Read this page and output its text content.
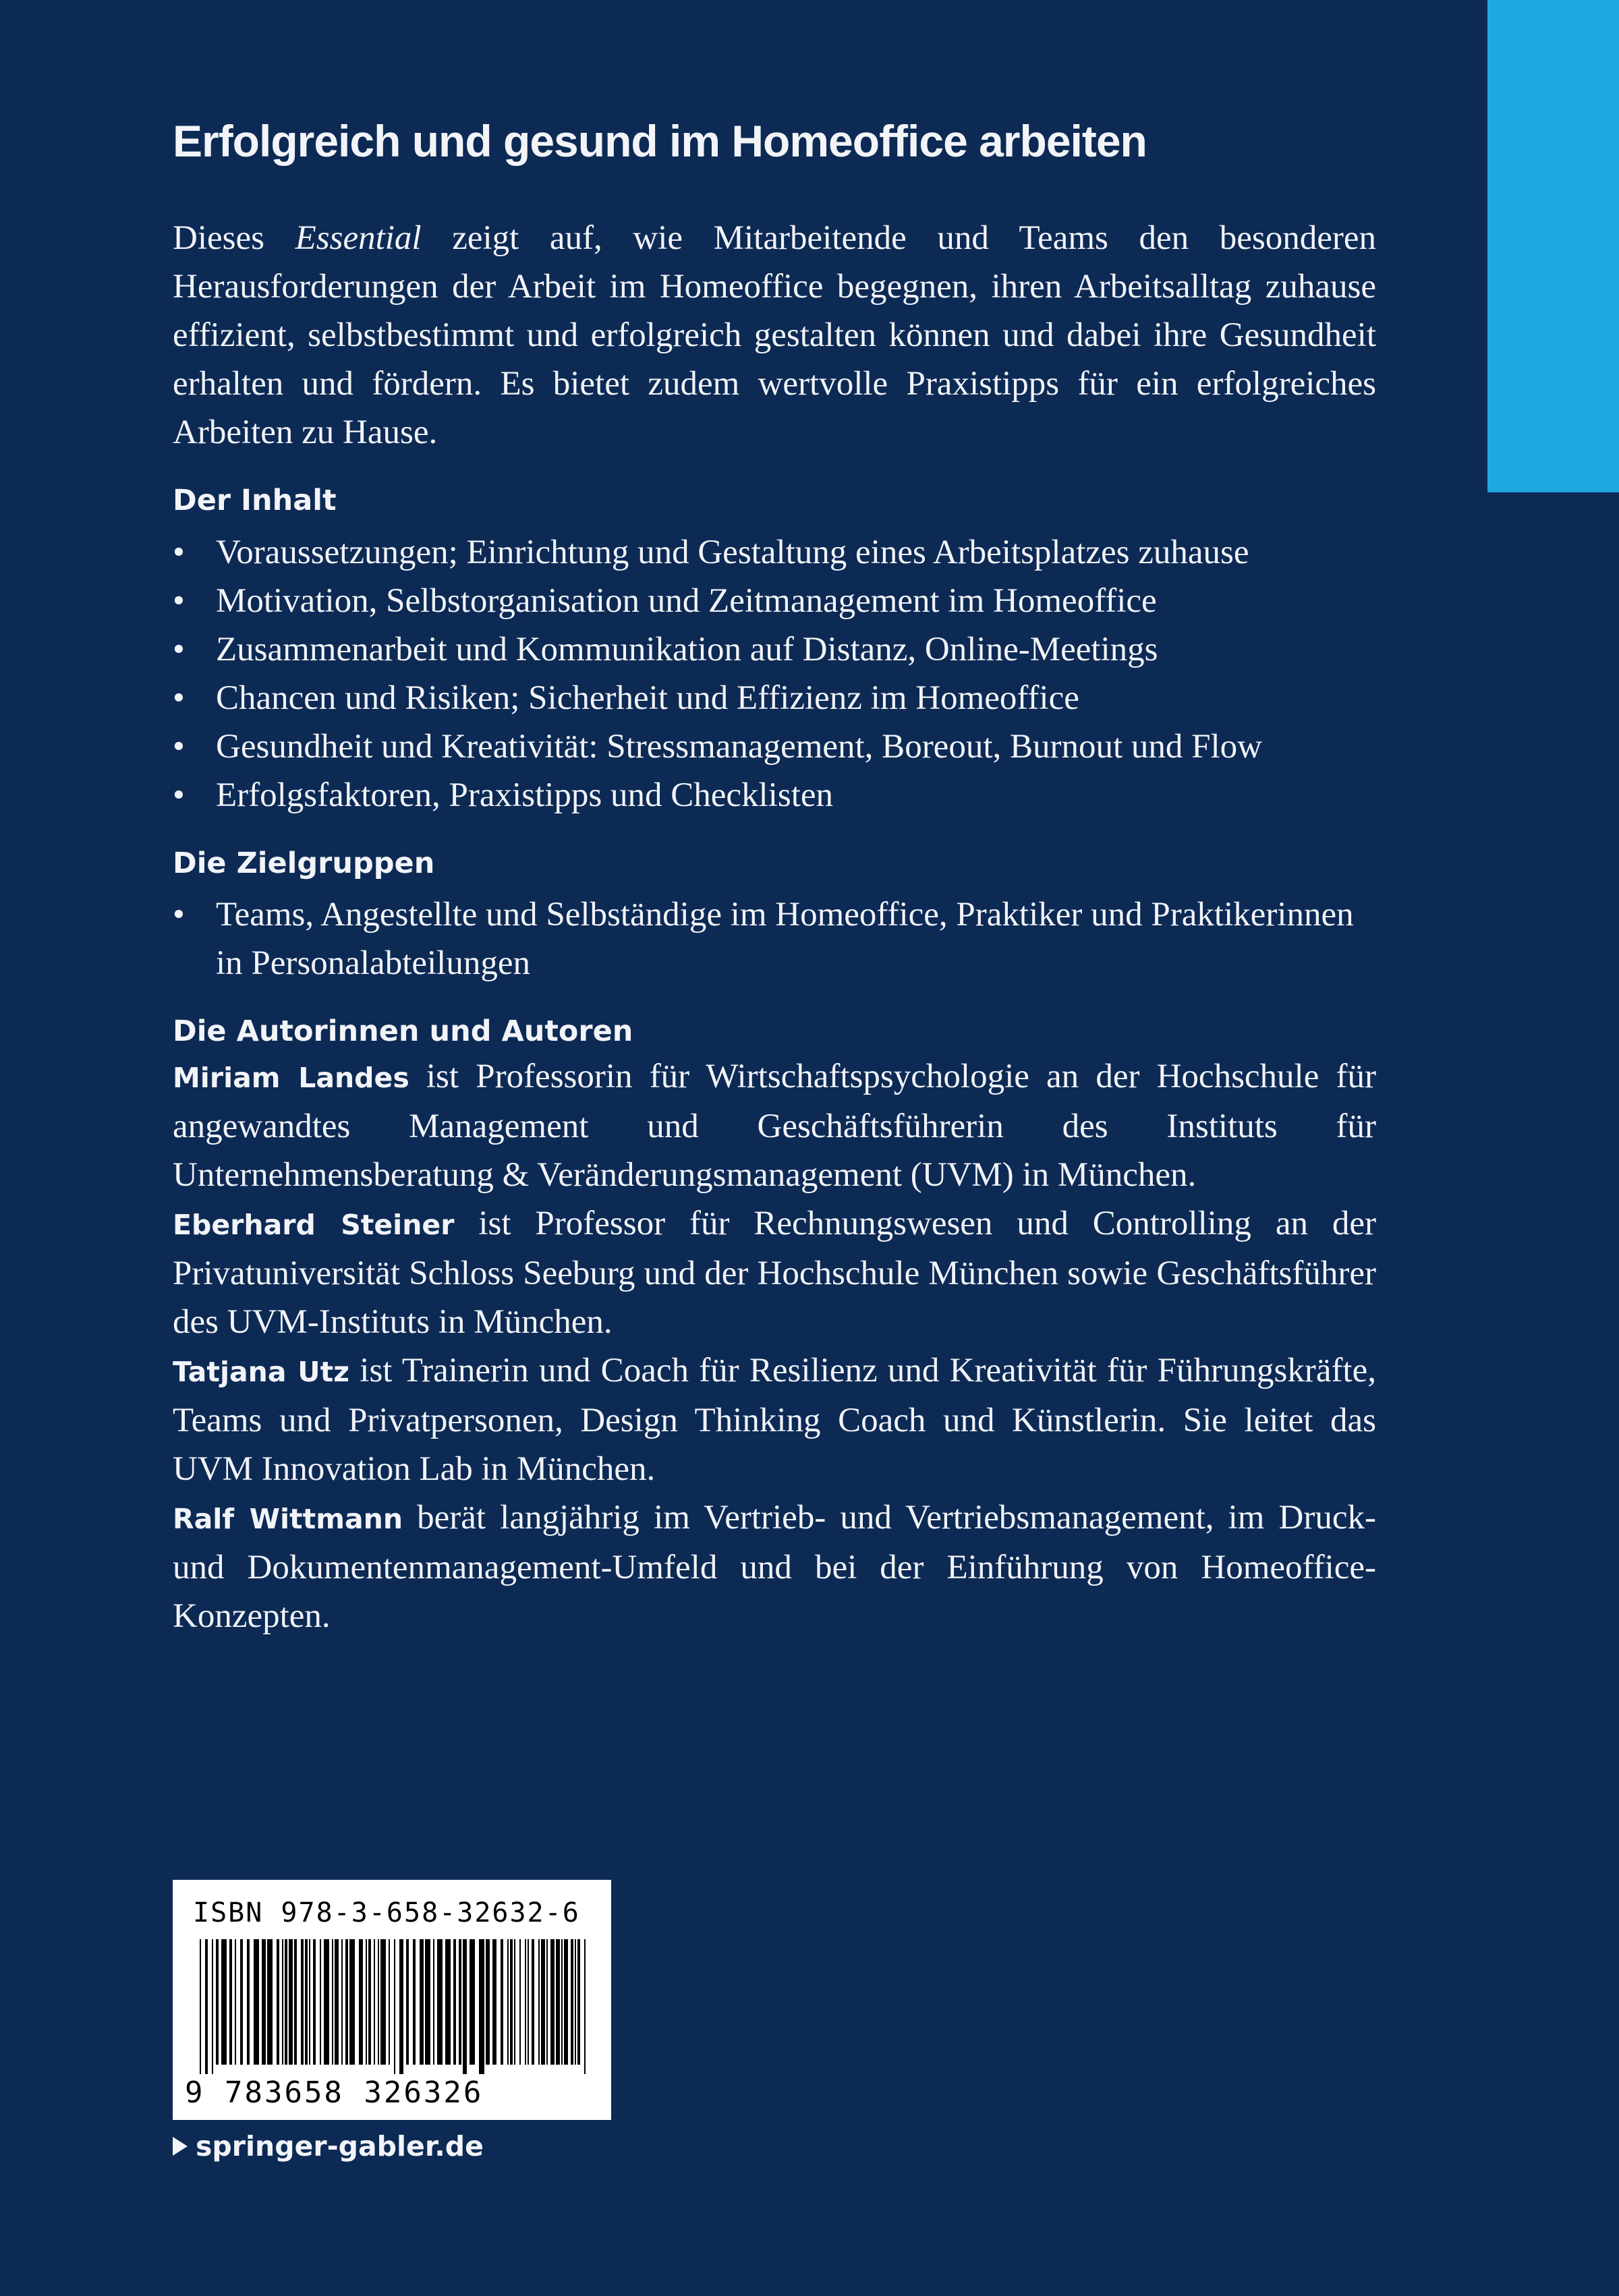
Erfolgreich und gesund im Homeoffice arbeiten

Dieses Essential zeigt auf, wie Mitarbeitende und Teams den besonderen Herausforderungen der Arbeit im Homeoffice begegnen, ihren Arbeitsalltag zuhause effizient, selbstbestimmt und erfolgreich gestalten können und dabei ihre Gesundheit erhalten und fördern. Es bietet zudem wertvolle Praxistipps für ein erfolgreiches Arbeiten zu Hause.

Der Inhalt
• Voraussetzungen; Einrichtung und Gestaltung eines Arbeitsplatzes zuhause
• Motivation, Selbstorganisation und Zeitmanagement im Homeoffice
• Zusammenarbeit und Kommunikation auf Distanz, Online-Meetings
• Chancen und Risiken; Sicherheit und Effizienz im Homeoffice
• Gesundheit und Kreativität: Stressmanagement, Boreout, Burnout und Flow
• Erfolgsfaktoren, Praxistipps und Checklisten
Die Zielgruppen
• Teams, Angestellte und Selbständige im Homeoffice, Praktiker und Praktikerinnen in Personalabteilungen
Die Autorinnen und Autoren

Miriam Landes ist Professorin für Wirtschaftspsychologie an der Hochschule für angewandtes Management und Geschäftsführerin des Instituts für Unternehmensberatung & Veränderungsmanagement (UVM) in München.

Eberhard Steiner ist Professor für Rechnungswesen und Controlling an der Privatuniversität Schloss Seeburg und der Hochschule München sowie Geschäftsführer des UVM-Instituts in München.

Tatjana Utz ist Trainerin und Coach für Resilienz und Kreativität für Führungskräfte, Teams und Privatpersonen, Design Thinking Coach und Künstlerin. Sie leitet das UVM Innovation Lab in München.

Ralf Wittmann berät langjährig im Vertrieb- und Vertriebsmanagement, im Druck- und Dokumentenmanagement-Umfeld und bei der Einführung von Homeoffice-Konzepten.

ISBN 978-3-658-32632-6
9 783658 326326
springer-gabler.de
